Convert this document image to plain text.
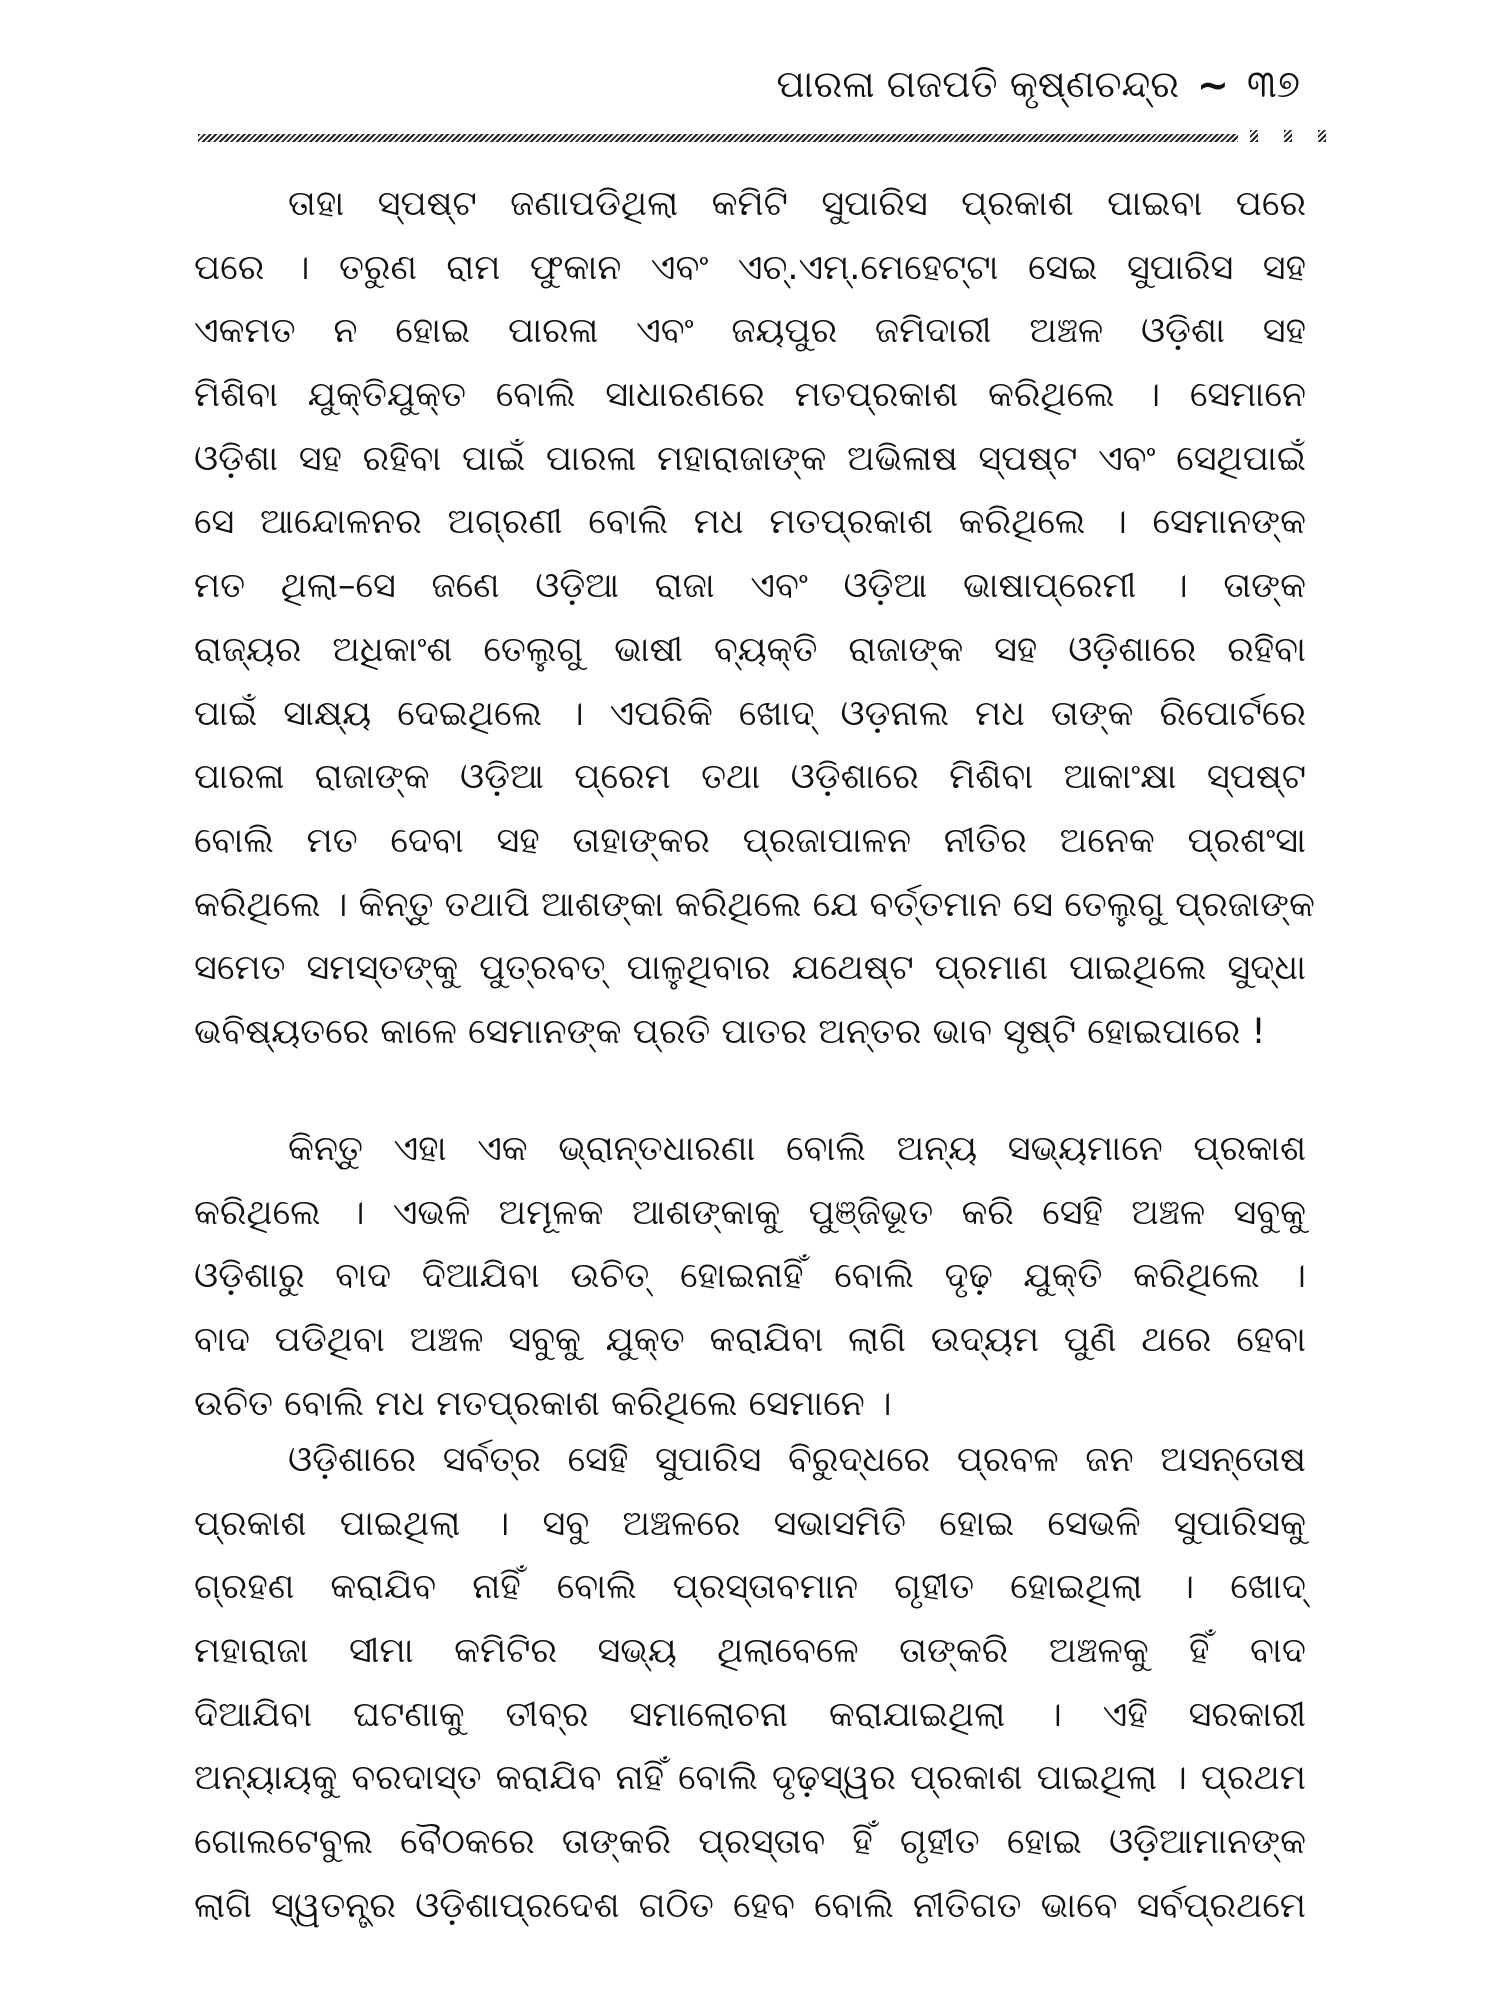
ପାରଳା ଗଜପତି କୃଷ୍ଣଚନ୍ଦ୍ର ~ ୩୭
ତାହା ସ୍ପଷ୍ଟ ଜଣାପଡିଥିଲା କମିଟି ସୁପାରିସ ପ୍ରକାଶ ପାଇବା ପରେ
ପରେ । ତରୁଣ ରାମ ଫୁକାନ ଏବଂ ଏଚ୍.ଏମ୍.ମେହେଟ୍ଟା ସେଇ ସୁପାରିସ ସହ
ଏକମତ ନ ହୋଇ ପାରଳା ଏବଂ ଜୟପୁର ଜମିଦାରୀ ଅଞ୍ଚଳ ଓଡ଼ିଶା ସହ
ମିଶିବା ଯୁକ୍ତିଯୁକ୍ତ ବୋଲି ସାଧାରଣରେ ମତପ୍ରକାଶ କରିଥିଲେ । ସେମାନେ
ଓଡ଼ିଶା ସହ ରହିବା ପାଇଁ ପାରଳା ମହାରାଜାଙ୍କ ଅଭିଳାଷ ସ୍ପଷ୍ଟ ଏବଂ ସେଥିପାଇଁ
ସେ ଆନ୍ଦୋଳନର ଅଗ୍ରଣୀ ବୋଲି ମଧ ମତପ୍ରକାଶ କରିଥିଲେ । ସେମାନଙ୍କ
ମତ ଥିଲା–ସେ ଜଣେ ଓଡ଼ିଆ ରାଜା ଏବଂ ଓଡ଼ିଆ ଭାଷାପ୍ରେମୀ । ତାଙ୍କ
ରାଜ୍ୟର ଅଧିକାଂଶ ତେଲୁଗୁ ଭାଷୀ ବ୍ୟକ୍ତି ରାଜାଙ୍କ ସହ ଓଡ଼ିଶାରେ ରହିବା
ପାଇଁ ସାକ୍ଷ୍ୟ ଦେଇଥିଲେ । ଏପରିକି ଖୋଦ୍ ଓଡ଼ନାଲ ମଧ ତାଙ୍କ ରିପୋର୍ଟରେ
ପାରଳା ରାଜାଙ୍କ ଓଡ଼ିଆ ପ୍ରେମ ତଥା ଓଡ଼ିଶାରେ ମିଶିବା ଆକାଂକ୍ଷା ସ୍ପଷ୍ଟ
ବୋଲି ମତ ଦେବା ସହ ତାହାଙ୍କର ପ୍ରଜାପାଳନ ନୀତିର ଅନେକ ପ୍ରଶଂସା
କରିଥିଲେ । କିନ୍ତୁ ତଥାପି ଆଶଙ୍କା କରିଥିଲେ ଯେ ବର୍ତ୍ତମାନ ସେ ତେଲୁଗୁ ପ୍ରଜାଙ୍କ
ସମେତ ସମସ୍ତଙ୍କୁ ପୁତ୍ରବତ୍ ପାଳୁଥିବାର ଯଥେଷ୍ଟ ପ୍ରମାଣ ପାଇଥିଲେ ସୁଦ୍ଧା
ଭବିଷ୍ୟତରେ କାଳେ ସେମାନଙ୍କ ପ୍ରତି ପାତର ଅନ୍ତର ଭାବ ସୃଷ୍ଟି ହୋଇପାରେ !
କିନ୍ତୁ ଏହା ଏକ ଭ୍ରାନ୍ତଧାରଣା ବୋଲି ଅନ୍ୟ ସଭ୍ୟମାନେ ପ୍ରକାଶ
କରିଥିଲେ । ଏଭଳି ଅମୂଳକ ଆଶଙ୍କାକୁ ପୁଞ୍ଜିଭୂତ କରି ସେହି ଅଞ୍ଚଳ ସବୁକୁ
ଓଡ଼ିଶାରୁ ବାଦ ଦିଆଯିବା ଉଚିତ୍ ହୋଇନାହିଁ ବୋଲି ଦୃଢ଼ ଯୁକ୍ତି କରିଥିଲେ ।
ବାଦ ପଡିଥିବା ଅଞ୍ଚଳ ସବୁକୁ ଯୁକ୍ତ କରାଯିବା ଲାଗି ଉଦ୍ୟମ ପୁଣି ଥରେ ହେବା
ଉଚିତ ବୋଲି ମଧ ମତପ୍ରକାଶ କରିଥିଲେ ସେମାନେ ।
ଓଡ଼ିଶାରେ ସର୍ବତ୍ର ସେହି ସୁପାରିସ ବିରୁଦ୍ଧରେ ପ୍ରବଳ ଜନ ଅସନ୍ତୋଷ
ପ୍ରକାଶ ପାଇଥିଲା । ସବୁ ଅଞ୍ଚଳରେ ସଭାସମିତି ହୋଇ ସେଭଳି ସୁପାରିସକୁ
ଗ୍ରହଣ କରାଯିବ ନାହିଁ ବୋଲି ପ୍ରସ୍ତାବମାନ ଗୃହୀତ ହୋଇଥିଲା । ଖୋଦ୍
ମହାରାଜା ସୀମା କମିଟିର ସଭ୍ୟ ଥିଲାବେଳେ ତାଙ୍କରି ଅଞ୍ଚଳକୁ ହିଁ ବାଦ
ଦିଆଯିବା ଘଟଣାକୁ ତୀବ୍ର ସମାଲୋଚନା କରାଯାଇଥିଲା । ଏହି ସରକାରୀ
ଅନ୍ୟାୟକୁ ବରଦାସ୍ତ କରାଯିବ ନାହିଁ ବୋଲି ଦୃଢ଼ସ୍ୱର ପ୍ରକାଶ ପାଇଥିଲା । ପ୍ରଥମ
ଗୋଲଟେବୁଲ ବୈଠକରେ ତାଙ୍କରି ପ୍ରସ୍ତାବ ହିଁ ଗୃହୀତ ହୋଇ ଓଡ଼ିଆମାନଙ୍କ
ଲାଗି ସ୍ୱତନ୍ତ୍ର ଓଡ଼ିଶାପ୍ରଦେଶ ଗଠିତ ହେବ ବୋଲି ନୀତିଗତ ଭାବେ ସର୍ବପ୍ରଥମେ
